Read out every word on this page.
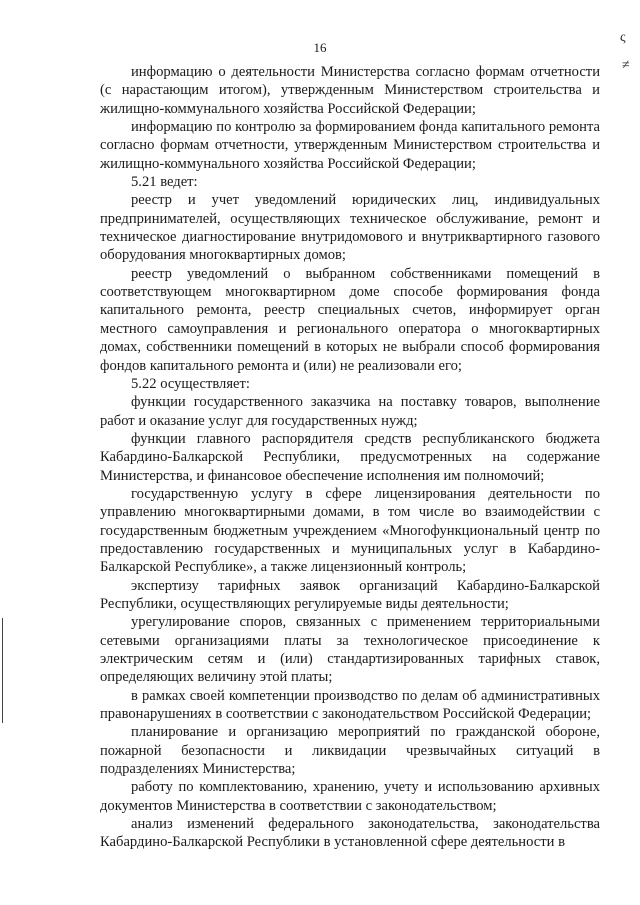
16
ς
≠

информацию о деятельности Министерства согласно формам отчетности (с нарастающим итогом), утвержденным Министерством строительства и жилищно-коммунального хозяйства Российской Федерации;

информацию по контролю за формированием фонда капитального ремонта согласно формам отчетности, утвержденным Министерством строительства и жилищно-коммунального хозяйства Российской Федерации;

5.21 ведет:

реестр и учет уведомлений юридических лиц, индивидуальных предпринимателей, осуществляющих техническое обслуживание, ремонт и техническое диагностирование внутридомового и внутриквартирного газового оборудования многоквартирных домов;

реестр уведомлений о выбранном собственниками помещений в соответствующем многоквартирном доме способе формирования фонда капитального ремонта, реестр специальных счетов, информирует орган местного самоуправления и регионального оператора о многоквартирных домах, собственники помещений в которых не выбрали способ формирования фондов капитального ремонта и (или) не реализовали его;

5.22 осуществляет:

функции государственного заказчика на поставку товаров, выполнение работ и оказание услуг для государственных нужд;

функции главного распорядителя средств республиканского бюджета Кабардино-Балкарской Республики, предусмотренных на содержание Министерства, и финансовое обеспечение исполнения им полномочий;

государственную услугу в сфере лицензирования деятельности по управлению многоквартирными домами, в том числе во взаимодействии с государственным бюджетным учреждением «Многофункциональный центр по предоставлению государственных и муниципальных услуг в Кабардино-Балкарской Республике», а также лицензионный контроль;

экспертизу тарифных заявок организаций Кабардино-Балкарской Республики, осуществляющих регулируемые виды деятельности;

урегулирование споров, связанных с применением территориальными сетевыми организациями платы за технологическое присоединение к электрическим сетям и (или) стандартизированных тарифных ставок, определяющих величину этой платы;

в рамках своей компетенции производство по делам об административных правонарушениях в соответствии с законодательством Российской Федерации;

планирование и организацию мероприятий по гражданской обороне, пожарной безопасности и ликвидации чрезвычайных ситуаций в подразделениях Министерства;

работу по комплектованию, хранению, учету и использованию архивных документов Министерства в соответствии с законодательством;

анализ изменений федерального законодательства, законодательства Кабардино-Балкарской Республики в установленной сфере деятельности в
